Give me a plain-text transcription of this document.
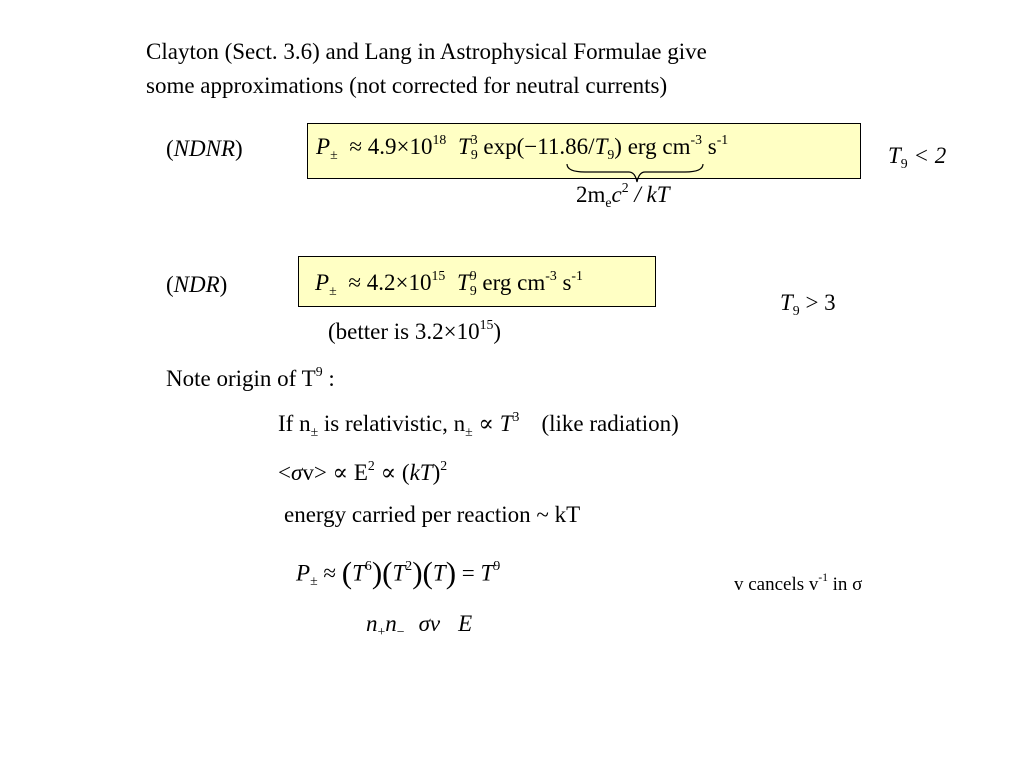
Clayton (Sect. 3.6) and Lang in Astrophysical Formulae give
some approximations (not corrected for neutral currents)
(NDNR)	$P_\pm \approx 4.9\times 10^{18}$ $T_9^3$ $\exp(-11.86/T_9)$ erg $cm^{-3}$ $s^{-1}$
$2m_ec^2$ / kT
$T_9 < 2$
(NDR)	$P_\pm \approx 4.2\times 10^{15}$ $T_9^9$ erg $cm^{-3}$ $s^{-1}$
(better is $3.2\times 10^{15}$)
$T_9 > 3$
Note origin of $T^9$ :
If $n_\pm$ is relativistic, $n_\pm \propto T^3$ (like radiation)
$<\sigma v> \propto E^2 \propto (kT)^2$
energy carried per reaction ~ kT
$P_\pm \approx (T^6)(T^2)(T) = T^9$
$n_+n_-$ σv E
v cancels $v^{-1}$ in σ
